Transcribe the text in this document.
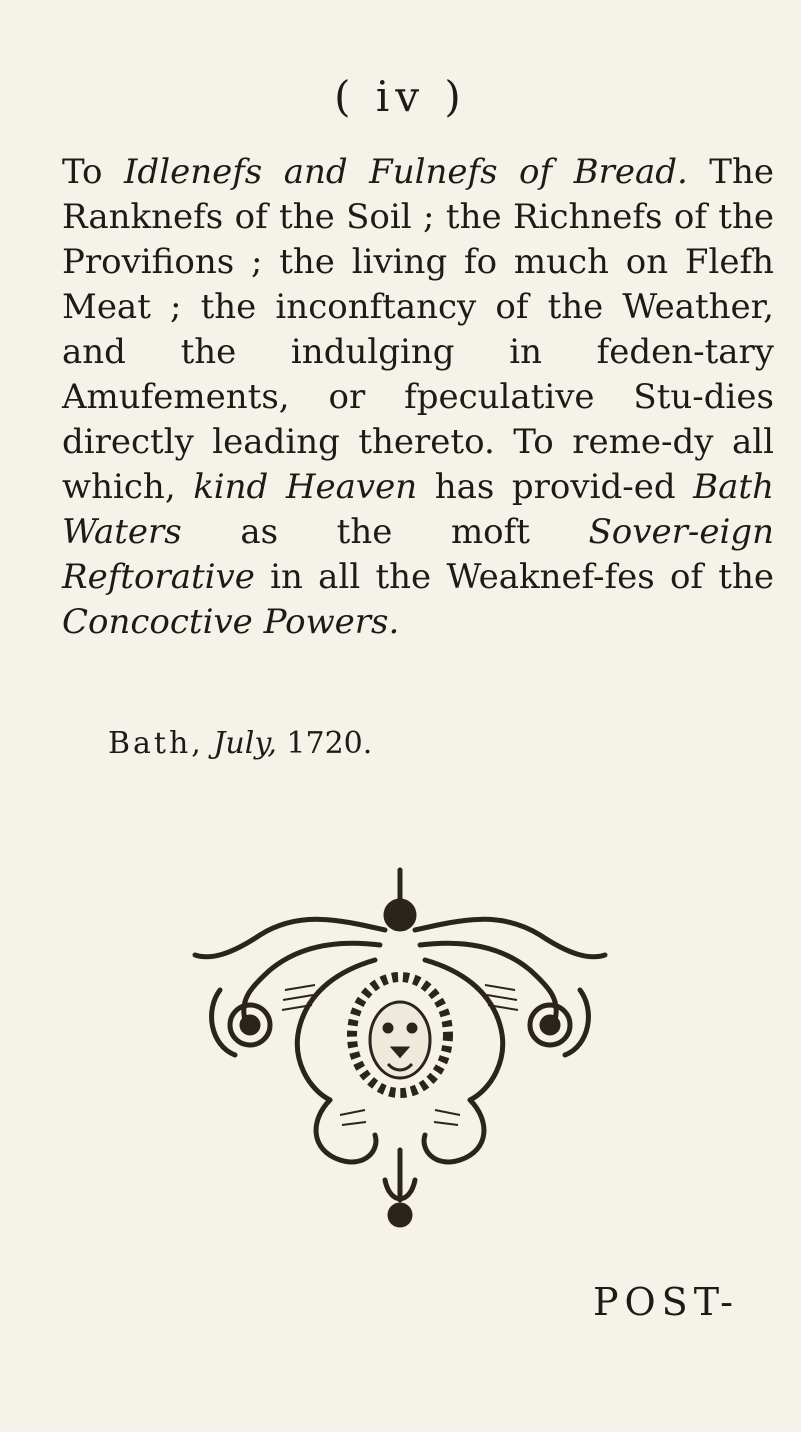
( iv )

To Idlenefs and Fulnefs of Bread. The Ranknefs of the Soil ; the Richnefs of the Provifions ; the living fo much on Flefh Meat ; the inconftancy of the Weather, and the indulging in feden-tary Amufements, or fpeculative Stu-dies directly leading thereto. To reme-dy all which, kind Heaven has provid-ed Bath Waters as the moft Sover-eign Reftorative in all the Weaknef-fes of the Concoctive Powers.

Bath, July, 1720.

POST-
